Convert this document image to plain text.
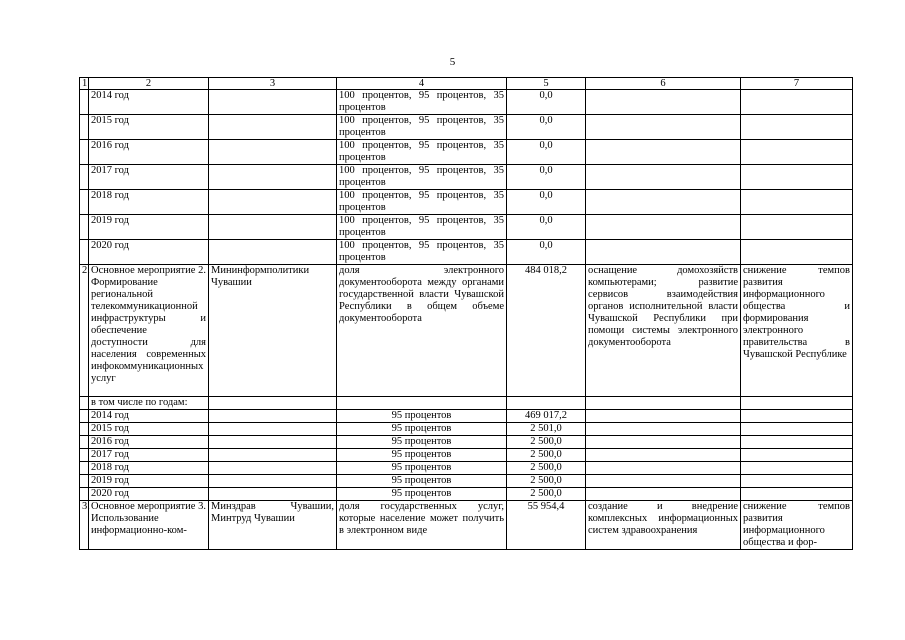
5
1	2	3	4	5	6	7
	2014 год		100 процентов, 95 процентов, 35 процентов	0,0		
	2015 год		100 процентов, 95 процентов, 35 процентов	0,0		
	2016 год		100 процентов, 95 процентов, 35 процентов	0,0		
	2017 год		100 процентов, 95 процентов, 35 процентов	0,0		
	2018 год		100 процентов, 95 процентов, 35 процентов	0,0		
	2019 год		100 процентов, 95 процентов, 35 процентов	0,0		
	2020 год		100 процентов, 95 процентов, 35 процентов	0,0		
2.	Основное мероприятие 2. Формирование региональной телекоммуникационной инфраструктуры и обеспечение доступности для населения современных инфокоммуникационных услуг	Мининформполитики Чувашии	доля электронного документооборота между органами государственной власти Чувашской Республики в общем объеме документооборота	484 018,2	оснащение домохозяйств компьютерами; развитие сервисов взаимодействия органов исполнительной власти Чувашской Республики при помощи системы электронного документооборота	снижение темпов развития информационного общества и формирования электронного правительства в Чувашской Республике
	в том числе по годам:					
	2014 год		95 процентов	469 017,2		
	2015 год		95 процентов	2 501,0		
	2016 год		95 процентов	2 500,0		
	2017 год		95 процентов	2 500,0		
	2018 год		95 процентов	2 500,0		
	2019 год		95 процентов	2 500,0		
	2020 год		95 процентов	2 500,0		
3.	Основное мероприятие 3. Использование информационно-ком-	Минздрав Чувашии, Минтруд Чувашии	доля государственных услуг, которые население может получить в электронном виде	55 954,4	создание и внедрение комплексных информационных систем здравоохранения	снижение темпов развития информационного общества и фор-
